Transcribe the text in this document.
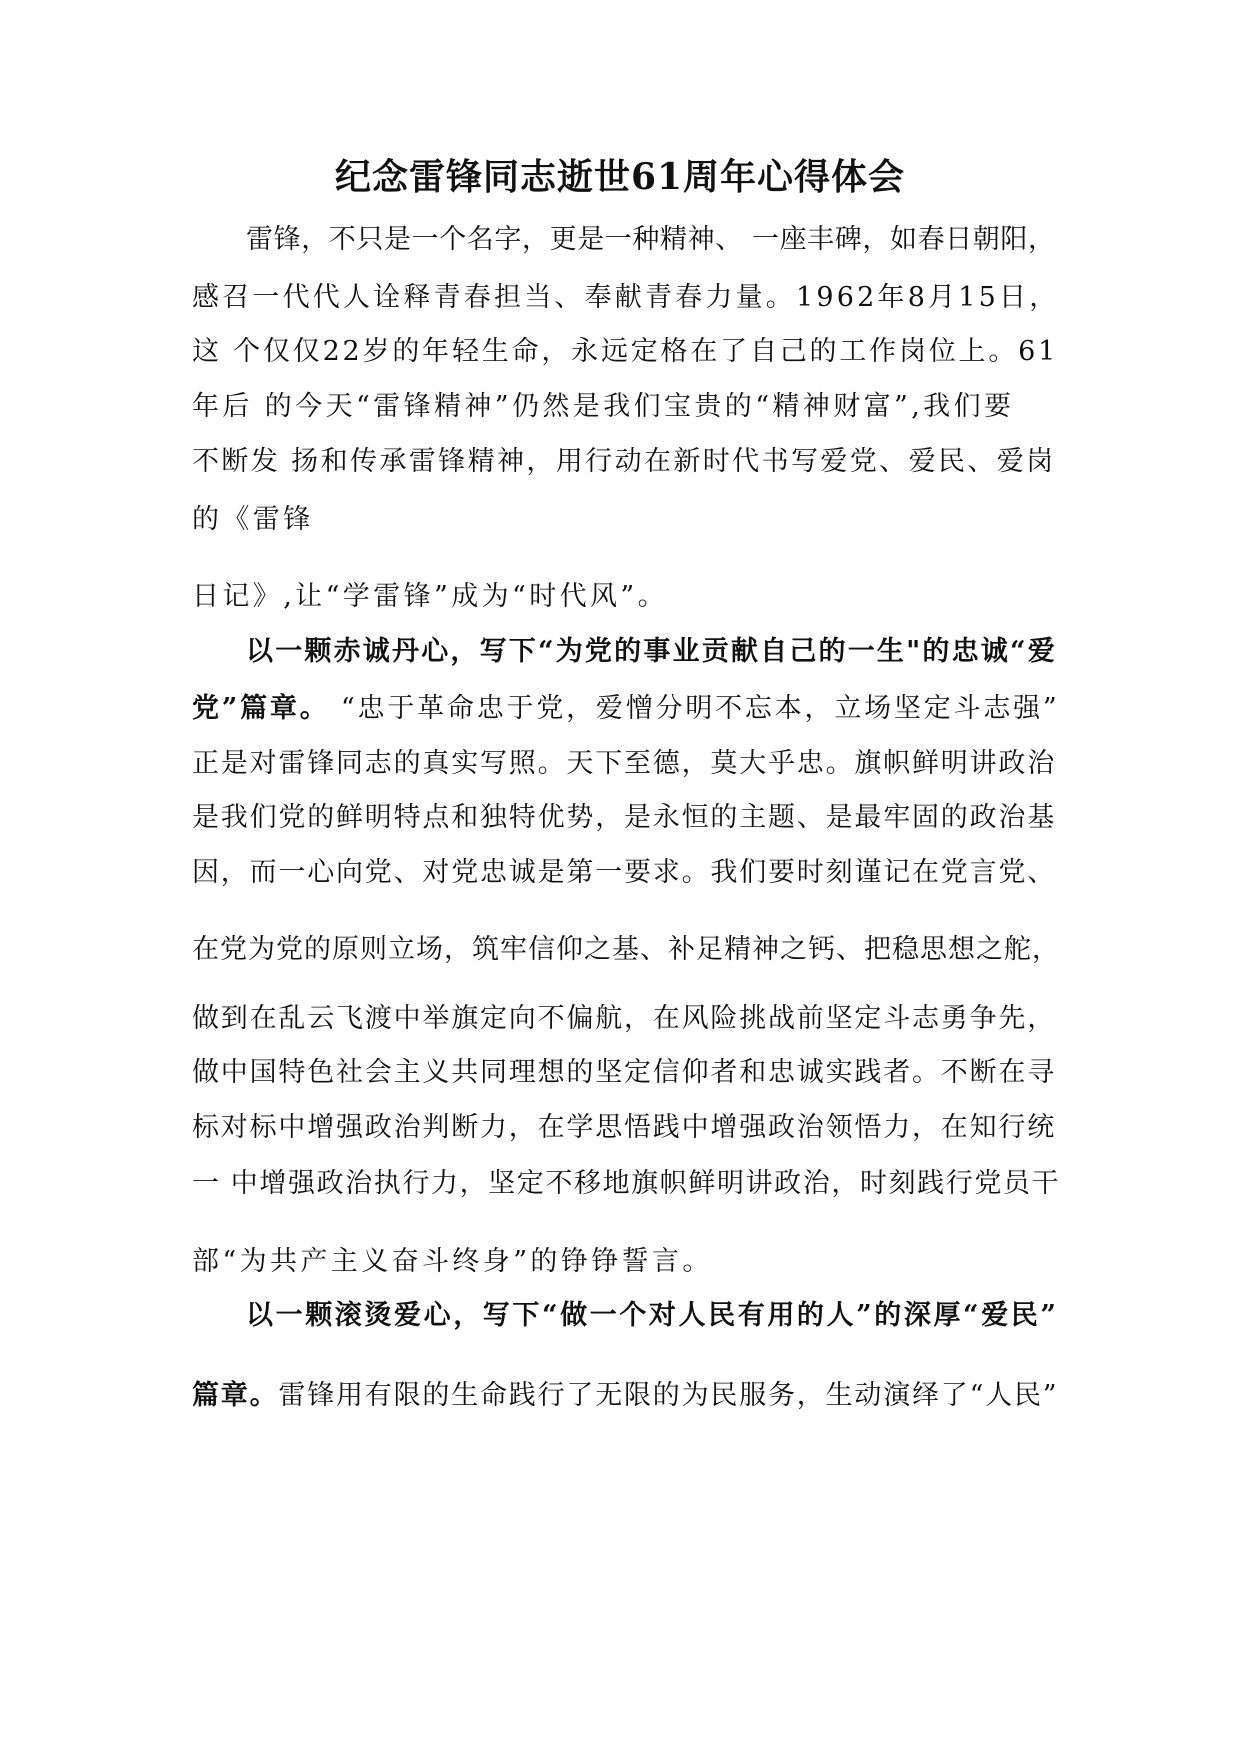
纪念雷锋同志逝世61周年心得体会
雷锋，不只是一个名字，更是一种精神、 一座丰碑，如春日朝阳，
感召一代代人诠释青春担当、奉献青春力量。1962年8月15日，
这 个仅仅22岁的年轻生命，永远定格在了自己的工作岗位上。61
年后 的今天“雷锋精神”仍然是我们宝贵的“精神财富”,我们要
不断发 扬和传承雷锋精神，用行动在新时代书写爱党、爱民、爱岗
的《雷锋
日记》,让“学雷锋”成为“时代风”。
以一颗赤诚丹心，写下“为党的事业贡献自己的一生"的忠诚“爱
党”篇章。 “忠于革命忠于党，爱憎分明不忘本，立场坚定斗志强”
正是对雷锋同志的真实写照。天下至德，莫大乎忠。旗帜鲜明讲政治
是我们党的鲜明特点和独特优势，是永恒的主题、是最牢固的政治基
因，而一心向党、对党忠诚是第一要求。我们要时刻谨记在党言党、
在党为党的原则立场，筑牢信仰之基、补足精神之钙、把稳思想之舵，
做到在乱云飞渡中举旗定向不偏航，在风险挑战前坚定斗志勇争先，
做中国特色社会主义共同理想的坚定信仰者和忠诚实践者。不断在寻
标对标中增强政治判断力，在学思悟践中增强政治领悟力，在知行统
一 中增强政治执行力，坚定不移地旗帜鲜明讲政治，时刻践行党员干
部“为共产主义奋斗终身”的铮铮誓言。
以一颗滚烫爱心，写下“做一个对人民有用的人”的深厚“爱民”
篇章。雷锋用有限的生命践行了无限的为民服务，生动演绎了“人民”
